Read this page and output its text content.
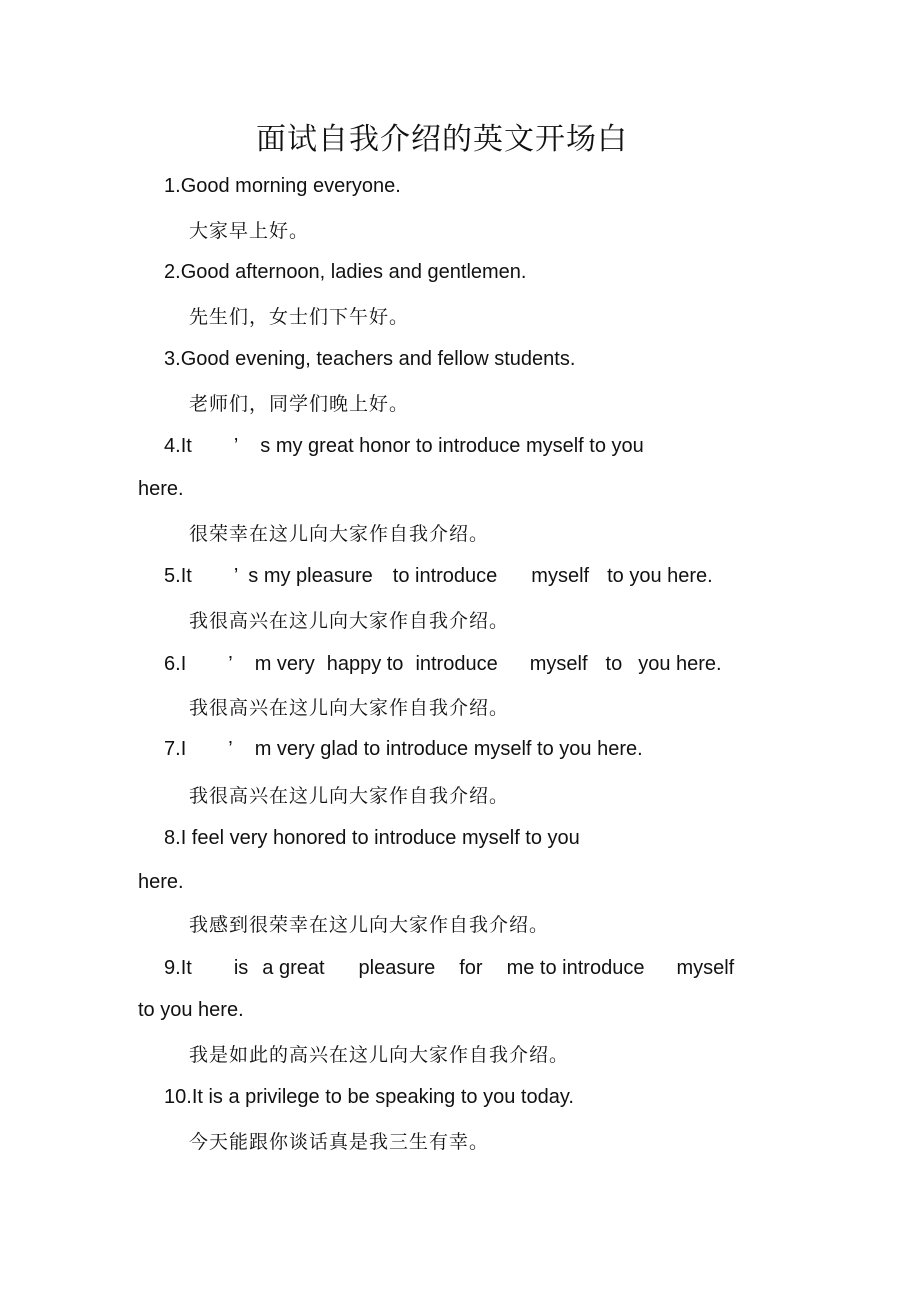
面试自我介绍的英文开场白
1.Good morning everyone.
大家早上好。
2.Good afternoon, ladies and gentlemen.
先生们，女士们下午好。
3.Good evening, teachers and fellow students.
老师们，同学们晚上好。
4.It ’ s my great honor to introduce myself to you
here.
很荣幸在这儿向大家作自我介绍。
5.It ’ s my pleasure to introduce myself to you here.
我很高兴在这儿向大家作自我介绍。
6.I ’ m very happy to introduce myself to you here.
我很高兴在这儿向大家作自我介绍。
7.I ’ m very glad to introduce myself to you here.
我很高兴在这儿向大家作自我介绍。
8.I feel very honored to introduce myself to you
here.
我感到很荣幸在这儿向大家作自我介绍。
9.It is a great pleasure for me to introduce myself
to you here.
我是如此的高兴在这儿向大家作自我介绍。
10.It is a privilege to be speaking to you today.
今天能跟你谈话真是我三生有幸。
